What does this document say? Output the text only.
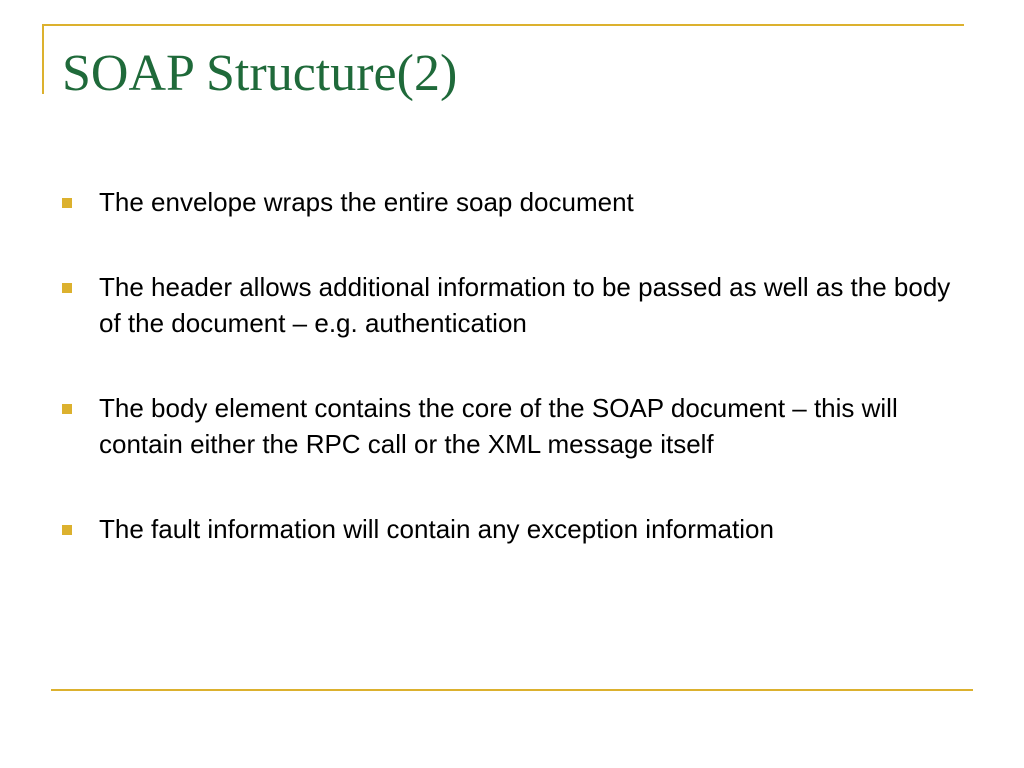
SOAP Structure(2)
The envelope wraps the entire soap document
The header allows additional information to be passed as well as the body of the document – e.g. authentication
The body element contains the core of the SOAP document – this will contain either the RPC call or the XML message itself
The fault information will contain any exception information
